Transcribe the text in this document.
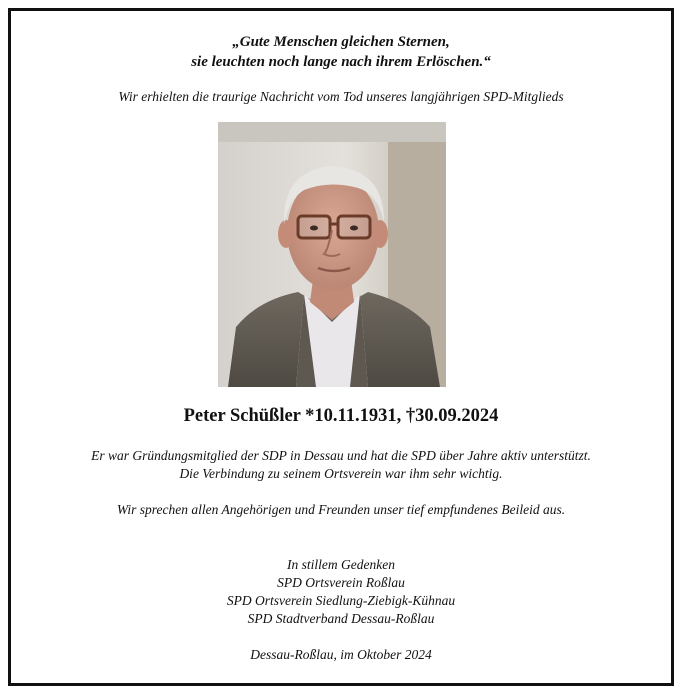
„Gute Menschen gleichen Sternen,
sie leuchten noch lange nach ihrem Erlöschen.“
Wir erhielten die traurige Nachricht vom Tod unseres langjährigen SPD-Mitglieds
Peter Schüßler *10.11.1931, †30.09.2024
Er war Gründungsmitglied der SDP in Dessau und hat die SPD über Jahre aktiv unterstützt.
Die Verbindung zu seinem Ortsverein war ihm sehr wichtig.
Wir sprechen allen Angehörigen und Freunden unser tief empfundenes Beileid aus.
In stillem Gedenken
SPD Ortsverein Roßlau
SPD Ortsverein Siedlung-Ziebigk-Kühnau
SPD Stadtverband Dessau-Roßlau
Dessau-Roßlau, im Oktober 2024
